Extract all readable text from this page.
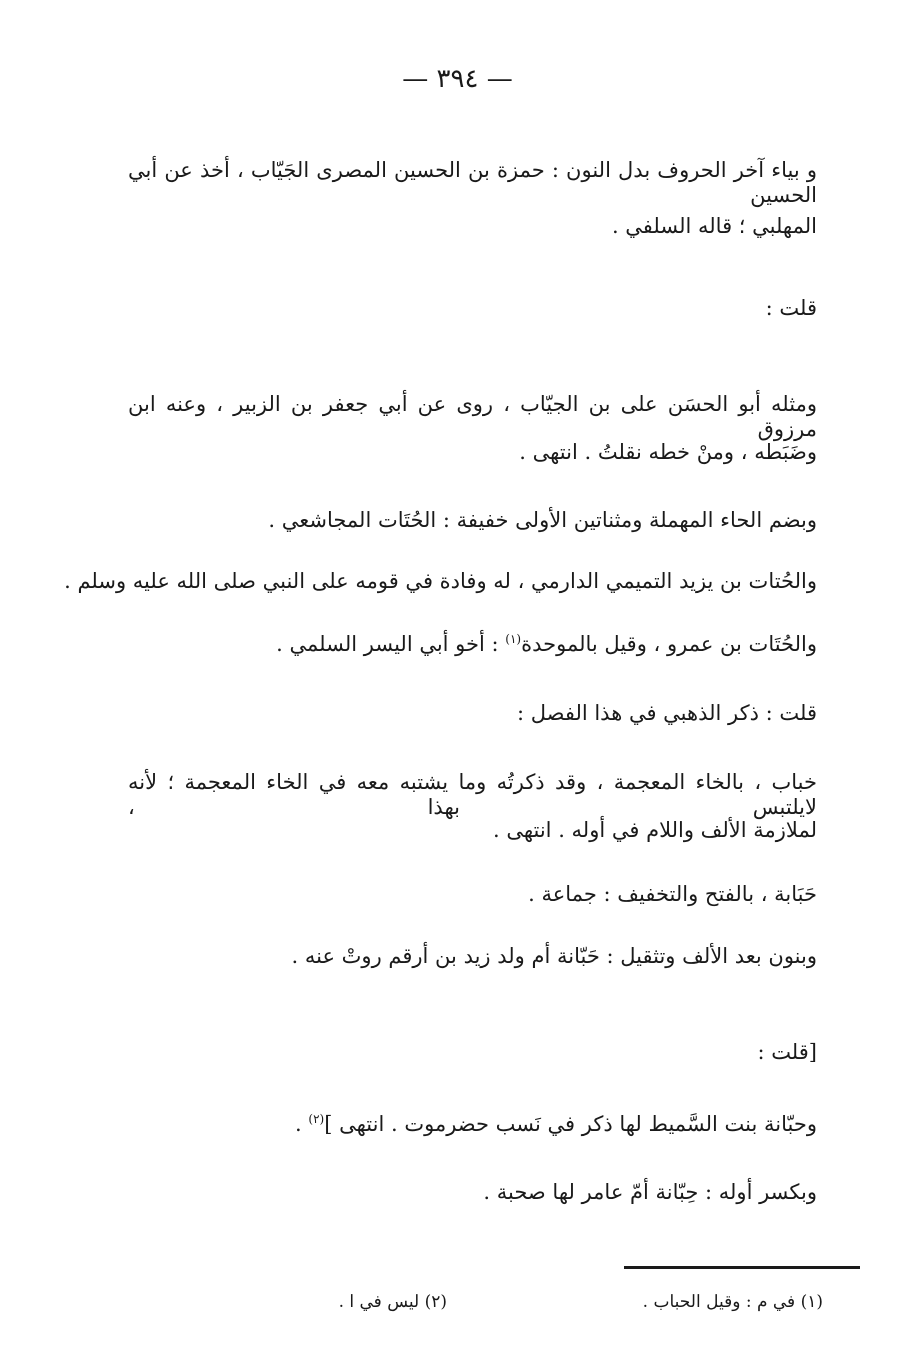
— ٣٩٤ —
و بياء آخر الحروف بدل النون : حمزة بن الحسين المصرى الجَيّاب ، أخذ عن أبي الحسين
المهلبي ؛ قاله السلفي .
قلت :
ومثله أبو الحسَن على بن الجيّاب ، روى عن أبي جعفر بن الزبير ، وعنه ابن مرزوق
وضَبَطه ، ومنْ خطه نقلتُ . انتهى .
وبضم الحاء المهملة ومثناتين الأولى خفيفة : الحُتَات المجاشعي .
والحُتات بن يزيد التميمي الدارمي ، له وفادة في قومه على النبي صلى الله عليه وسلم .
والحُتَات بن عمرو ، وقيل بالموحدة$^{(١)}$ : أخو أبي اليسر السلمي .
قلت : ذكر الذهبي في هذا الفصل :
خباب ، بالخاء المعجمة ، وقد ذكرتُه وما يشتبه معه في الخاء المعجمة ؛ لأنه لايلتبس بهذا ،
لملازمة الألف واللام في أوله . انتهى .
حَبَابة ، بالفتح والتخفيف : جماعة .
وبنون بعد الألف وتثقيل : حَبّانة أم ولد زيد بن أرقم روتْ عنه .
[قلت :
وحبّانة بنت السَّميط لها ذكر في نَسب حضرموت . انتهى ]$^{(٢)}$ .
وبكسر أوله : حِبّانة أمّ عامر لها صحبة .
(١) في م : وقيل الحباب .
(٢) ليس في ا .
